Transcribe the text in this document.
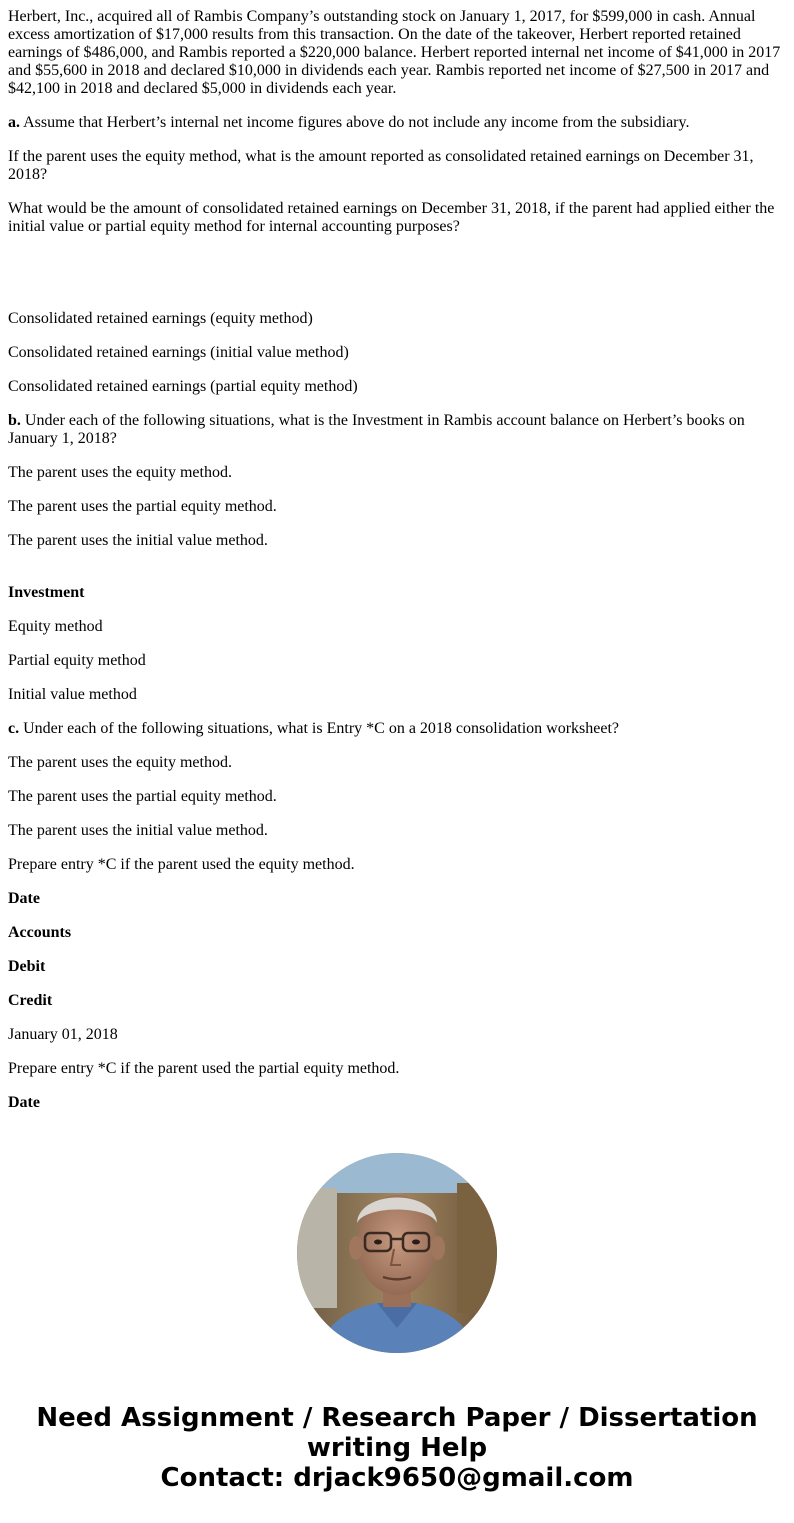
Herbert, Inc., acquired all of Rambis Company’s outstanding stock on January 1, 2017, for $599,000 in cash. Annual excess amortization of $17,000 results from this transaction. On the date of the takeover, Herbert reported retained earnings of $486,000, and Rambis reported a $220,000 balance. Herbert reported internal net income of $41,000 in 2017 and $55,600 in 2018 and declared $10,000 in dividends each year. Rambis reported net income of $27,500 in 2017 and $42,100 in 2018 and declared $5,000 in dividends each year.

a. Assume that Herbert’s internal net income figures above do not include any income from the subsidiary.

If the parent uses the equity method, what is the amount reported as consolidated retained earnings on December 31, 2018?

What would be the amount of consolidated retained earnings on December 31, 2018, if the parent had applied either the initial value or partial equity method for internal accounting purposes?

Consolidated retained earnings (equity method)

Consolidated retained earnings (initial value method)

Consolidated retained earnings (partial equity method)

b. Under each of the following situations, what is the Investment in Rambis account balance on Herbert’s books on January 1, 2018?

The parent uses the equity method.

The parent uses the partial equity method.

The parent uses the initial value method.

Investment

Equity method

Partial equity method

Initial value method

c. Under each of the following situations, what is Entry *C on a 2018 consolidation worksheet?

The parent uses the equity method.

The parent uses the partial equity method.

The parent uses the initial value method.

Prepare entry *C if the parent used the equity method.

Date

Accounts

Debit

Credit

January 01, 2018

Prepare entry *C if the parent used the partial equity method.

Date

Need Assignment / Research Paper / Dissertation
writing Help
Contact: drjack9650@gmail.com
